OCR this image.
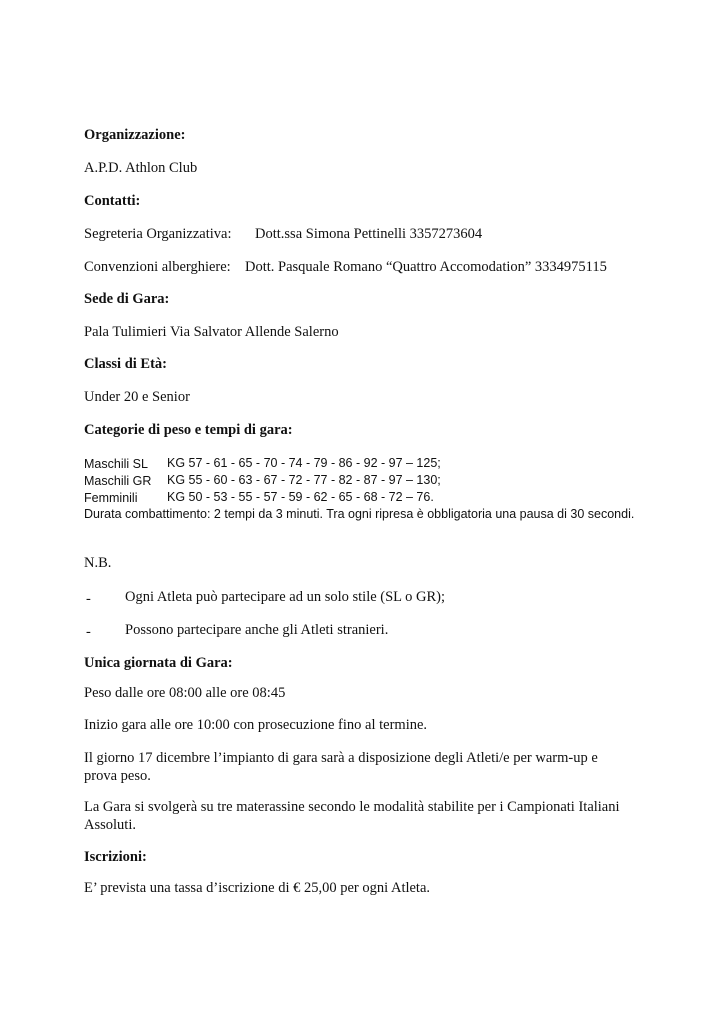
Organizzazione:
A.P.D. Athlon Club
Contatti:
Segreteria Organizzativa: Dott.ssa Simona Pettinelli 3357273604
Convenzioni alberghiere: Dott. Pasquale Romano “Quattro Accomodation” 3334975115
Sede di Gara:
Pala Tulimieri Via Salvator Allende Salerno
Classi di Età:
Under 20 e Senior
Categorie di peso e tempi di gara:
Maschili SL KG 57 - 61 - 65 - 70 - 74 - 79 - 86 - 92 - 97 – 125;
Maschili GR KG 55 - 60 - 63 - 67 - 72 - 77 - 82 - 87 - 97 – 130;
Femminili KG 50 - 53 - 55 - 57 - 59 - 62 - 65 - 68 - 72 – 76.
Durata combattimento: 2 tempi da 3 minuti. Tra ogni ripresa è obbligatoria una pausa di 30 secondi.
N.B.
- Ogni Atleta può partecipare ad un solo stile (SL o GR);
- Possono partecipare anche gli Atleti stranieri.
Unica giornata di Gara:
Peso dalle ore 08:00 alle ore 08:45
Inizio gara alle ore 10:00 con prosecuzione fino al termine.
Il giorno 17 dicembre l’impianto di gara sarà a disposizione degli Atleti/e per warm-up e prova peso.
La Gara si svolgerà su tre materassine secondo le modalità stabilite per i Campionati Italiani Assoluti.
Iscrizioni:
E’ prevista una tassa d’iscrizione di € 25,00 per ogni Atleta.
